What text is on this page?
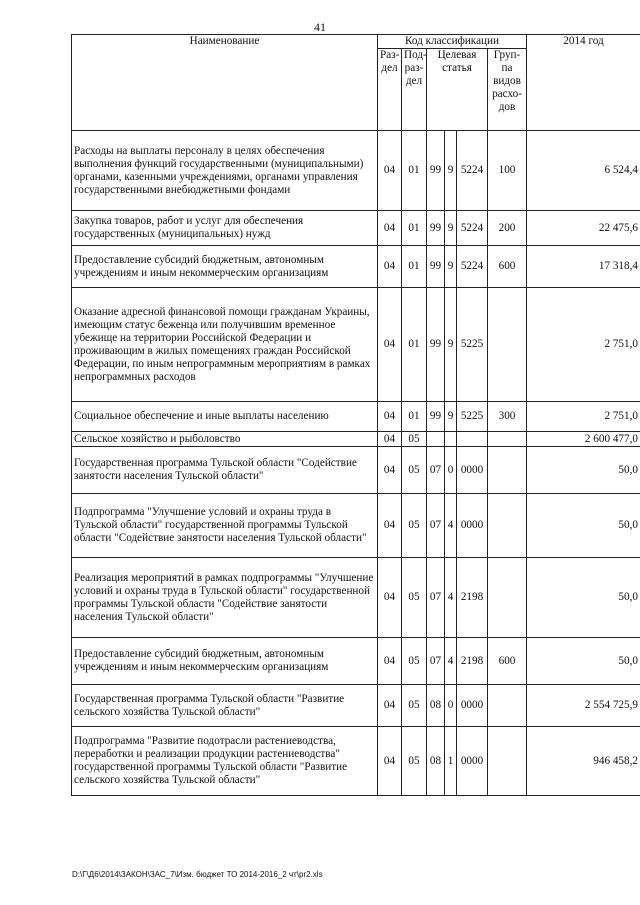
41
Наименование	Код классификации						2014 год
	Раз-дел	Под-раз-дел	Целевая статья			Груп-па видов расхо-дов	
Расходы на выплаты персоналу в целях обеспечения выполнения функций государственными (муниципальными) органами, казенными учреждениями, органами управления государственными внебюджетными фондами	04	01	99	9	5224	100	6 524,4
Закупка товаров, работ и услуг для обеспечения государственных (муниципальных) нужд	04	01	99	9	5224	200	22 475,6
Предоставление субсидий бюджетным, автономным учреждениям и иным некоммерческим организациям	04	01	99	9	5224	600	17 318,4
Оказание адресной финансовой помощи гражданам Украины, имеющим статус беженца или получившим временное убежище на территории Российской Федерации и проживающим в жилых помещениях граждан Российской Федерации, по иным непрограммным мероприятиям в рамках непрограммных расходов	04	01	99	9	5225		2 751,0
Социальное обеспечение и иные выплаты населению	04	01	99	9	5225	300	2 751,0
Сельское хозяйство и рыболовство	04	05					2 600 477,0
Государственная программа Тульской области "Содействие занятости населения Тульской области"	04	05	07	0	0000		50,0
Подпрограмма "Улучшение условий и охраны труда в Тульской области" государственной программы Тульской области "Содействие занятости населения Тульской области"	04	05	07	4	0000		50,0
Реализация мероприятий в рамках подпрограммы "Улучшение условий и охраны труда в Тульской области" государственной программы Тульской области "Содействие занятости населения Тульской области"	04	05	07	4	2198		50,0
Предоставление субсидий бюджетным, автономным учреждениям и иным некоммерческим организациям	04	05	07	4	2198	600	50,0
Государственная программа Тульской области "Развитие сельского хозяйства Тульской области"	04	05	08	0	0000		2 554 725,9
Подпрограмма "Развитие подотрасли растениеводства, переработки и реализации продукции растениеводства" государственной программы Тульской области "Развитие сельского хозяйства Тульской области"	04	05	08	1	0000		946 458,2
D:\Г\Д6\2014\ЗАКОН\ЗАС_7\Изм. бюджет ТО 2014-2016_2 чт\pr2.xls
